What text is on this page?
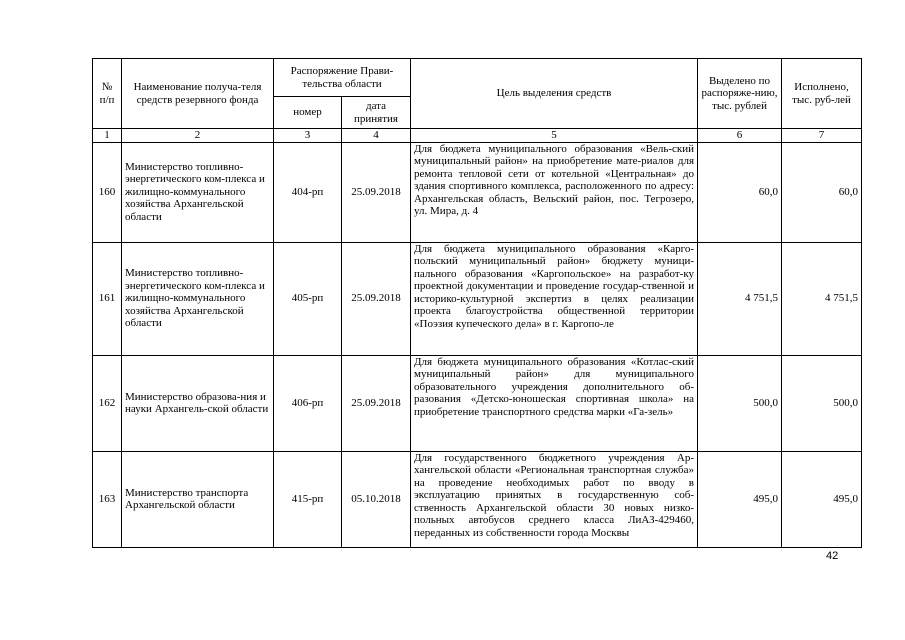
№ п/п	Наименование получа-теля средств резервного фонда	Распоряжение Прави-тельства области		Цель выделения средств	Выделено по распоряже-нию, тыс. рублей	Исполнено, тыс. руб-лей
		номер	дата принятия			
1	2	3	4	5	6	7
160	Министерство топливно-энергетического ком-плекса и жилищно-коммунального хозяйства Архангельской области	404-рп	25.09.2018	Для бюджета муниципального образования «Вель-ский муниципальный район» на приобретение мате-риалов для ремонта тепловой сети от котельной «Центральная» до здания спортивного комплекса, расположенного по адресу: Архангельская область, Вельский район, пос. Тегрозеро, ул. Мира, д. 4	60,0	60,0
161	Министерство топливно-энергетического ком-плекса и жилищно-коммунального хозяйства Архангельской области	405-рп	25.09.2018	Для бюджета муниципального образования «Карго-польский муниципальный район» бюджету муници-пального образования «Каргопольское» на разработ-ку проектной документации и проведение государ-ственной и историко-культурной экспертиз в целях реализации проекта благоустройства общественной территории «Поэзия купеческого дела» в г. Каргопо-ле	4 751,5	4 751,5
162	Министерство образова-ния и науки Архангель-ской области	406-рп	25.09.2018	Для бюджета муниципального образования «Котлас-ский муниципальный район» для муниципального образовательного учреждения дополнительного об-разования «Детско-юношеская спортивная школа» на приобретение транспортного средства марки «Га-зель»	500,0	500,0
163	Министерство транспорта Архангельской области	415-рп	05.10.2018	Для государственного бюджетного учреждения Ар-хангельской области «Региональная транспортная служба» на проведение необходимых работ по вводу в эксплуатацию принятых в государственную соб-ственность Архангельской области 30 новых низко-польных автобусов среднего класса ЛиАЗ-429460, переданных из собственности города Москвы	495,0	495,0
42
